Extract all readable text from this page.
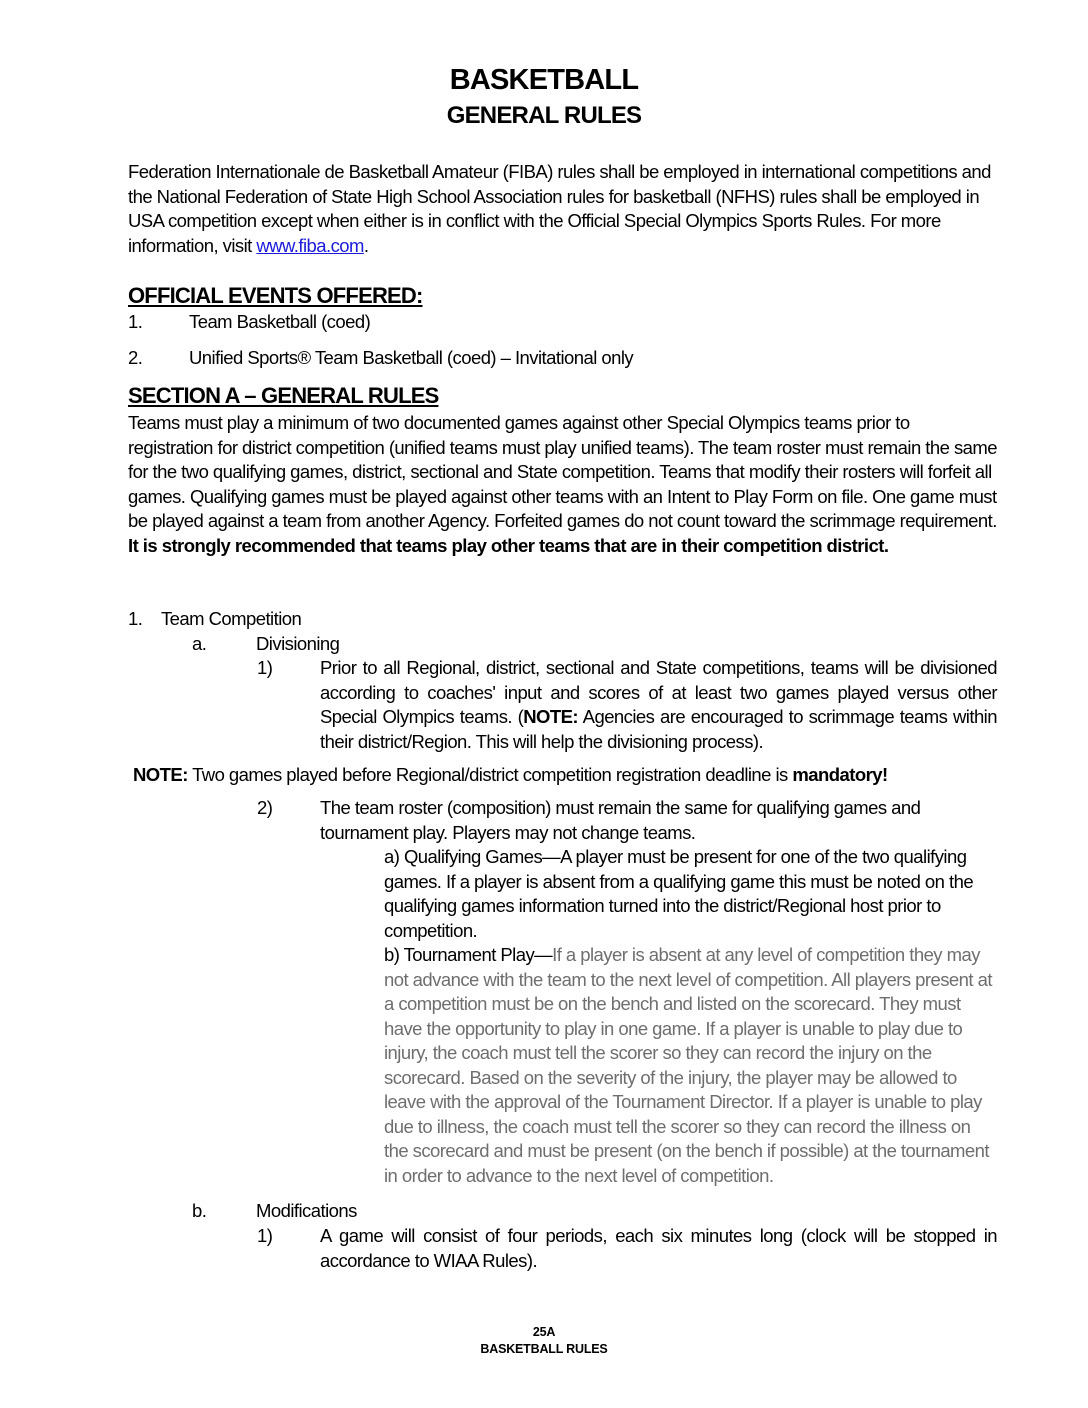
BASKETBALL
GENERAL RULES
Federation Internationale de Basketball Amateur (FIBA) rules shall be employed in international competitions and the National Federation of State High School Association rules for basketball (NFHS) rules shall be employed in USA competition except when either is in conflict with the Official Special Olympics Sports Rules. For more information, visit www.fiba.com.
OFFICIAL EVENTS OFFERED:
1.	Team Basketball (coed)
2.	Unified Sports® Team Basketball (coed) – Invitational only
SECTION A – GENERAL RULES
Teams must play a minimum of two documented games against other Special Olympics teams prior to registration for district competition (unified teams must play unified teams). The team roster must remain the same for the two qualifying games, district, sectional and State competition. Teams that modify their rosters will forfeit all games. Qualifying games must be played against other teams with an Intent to Play Form on file. One game must be played against a team from another Agency. Forfeited games do not count toward the scrimmage requirement. It is strongly recommended that teams play other teams that are in their competition district.
1. Team Competition
a.	Divisioning
1)	Prior to all Regional, district, sectional and State competitions, teams will be divisioned according to coaches' input and scores of at least two games played versus other Special Olympics teams. (NOTE: Agencies are encouraged to scrimmage teams within their district/Region. This will help the divisioning process).
NOTE: Two games played before Regional/district competition registration deadline is mandatory!
2)	The team roster (composition) must remain the same for qualifying games and tournament play. Players may not change teams.
a) Qualifying Games—A player must be present for one of the two qualifying games. If a player is absent from a qualifying game this must be noted on the qualifying games information turned into the district/Regional host prior to competition.
b) Tournament Play—If a player is absent at any level of competition they may not advance with the team to the next level of competition. All players present at a competition must be on the bench and listed on the scorecard. They must have the opportunity to play in one game. If a player is unable to play due to injury, the coach must tell the scorer so they can record the injury on the scorecard. Based on the severity of the injury, the player may be allowed to leave with the approval of the Tournament Director. If a player is unable to play due to illness, the coach must tell the scorer so they can record the illness on the scorecard and must be present (on the bench if possible) at the tournament in order to advance to the next level of competition.
b.	Modifications
1)	A game will consist of four periods, each six minutes long (clock will be stopped in accordance to WIAA Rules).
25A
BASKETBALL RULES
